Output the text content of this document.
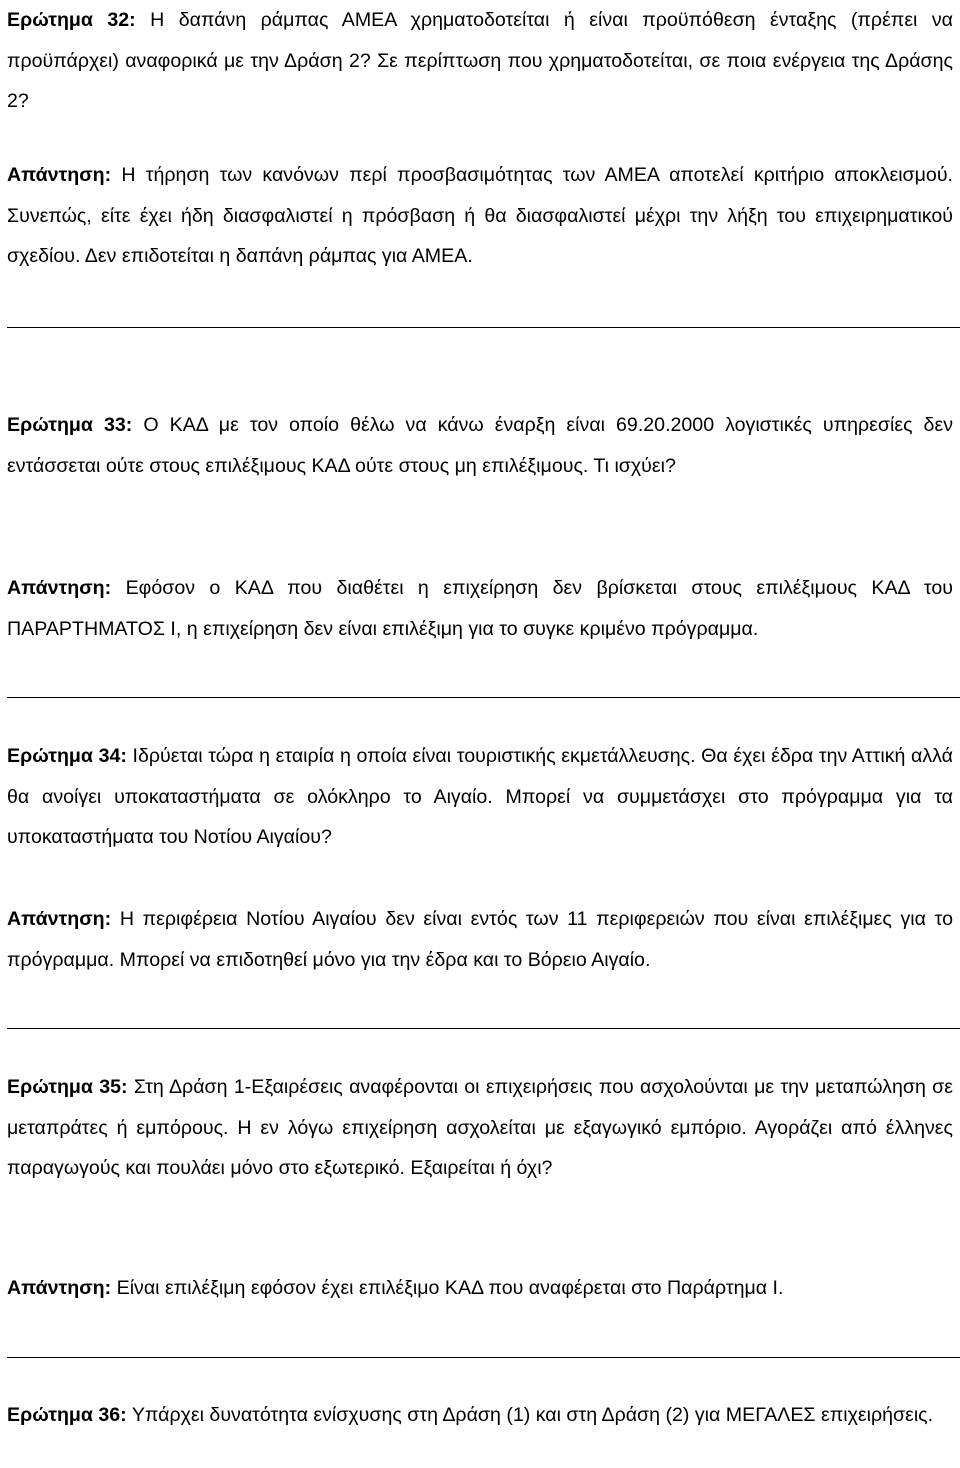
Ερώτημα 32: Η δαπάνη ράμπας ΑΜΕΑ χρηματοδοτείται ή είναι προϋπόθεση ένταξης (πρέπει να προϋπάρχει) αναφορικά με την Δράση 2? Σε περίπτωση που χρηματοδοτείται, σε ποια ενέργεια της Δράσης 2?

Απάντηση: Η τήρηση των κανόνων περί προσβασιμότητας των ΑΜΕΑ αποτελεί κριτήριο αποκλεισμού. Συνεπώς, είτε έχει ήδη διασφαλιστεί η πρόσβαση ή θα διασφαλιστεί μέχρι την λήξη του επιχειρηματικού σχεδίου. Δεν επιδοτείται η δαπάνη ράμπας για ΑΜΕΑ.

Ερώτημα 33: Ο ΚΑΔ με τον οποίο θέλω να κάνω έναρξη είναι 69.20.2000 λογιστικές υπηρεσίες δεν εντάσσεται ούτε στους επιλέξιμους ΚΑΔ ούτε στους μη επιλέξιμους. Τι ισχύει?

Απάντηση: Εφόσον ο ΚΑΔ που διαθέτει η επιχείρηση δεν βρίσκεται στους επιλέξιμους ΚΑΔ του ΠΑΡΑΡΤΗΜΑΤΟΣ Ι, η επιχείρηση δεν είναι επιλέξιμη για το συγκε κριμένο πρόγραμμα.

Ερώτημα 34: Ιδρύεται τώρα η εταιρία η οποία είναι τουριστικής εκμετάλλευσης. Θα έχει έδρα την Αττική αλλά θα ανοίγει υποκαταστήματα σε ολόκληρο το Αιγαίο. Μπορεί να συμμετάσχει στο πρόγραμμα για τα υποκαταστήματα του Νοτίου Αιγαίου?

Απάντηση: Η περιφέρεια Νοτίου Αιγαίου δεν είναι εντός των 11 περιφερειών που είναι επιλέξιμες για το πρόγραμμα. Μπορεί να επιδοτηθεί μόνο για την έδρα και το Βόρειο Αιγαίο.

Ερώτημα 35: Στη Δράση 1-Εξαιρέσεις αναφέρονται οι επιχειρήσεις που ασχολούνται με την μεταπώληση σε μεταπράτες ή εμπόρους. Η εν λόγω επιχείρηση ασχολείται με εξαγωγικό εμπόριο. Αγοράζει από έλληνες παραγωγούς και πουλάει μόνο στο εξωτερικό. Εξαιρείται ή όχι?

Απάντηση: Είναι επιλέξιμη εφόσον έχει επιλέξιμο ΚΑΔ που αναφέρεται στο Παράρτημα Ι.

Ερώτημα 36: Υπάρχει δυνατότητα ενίσχυσης στη Δράση (1) και στη Δράση (2) για ΜΕΓΑΛΕΣ επιχειρήσεις.
